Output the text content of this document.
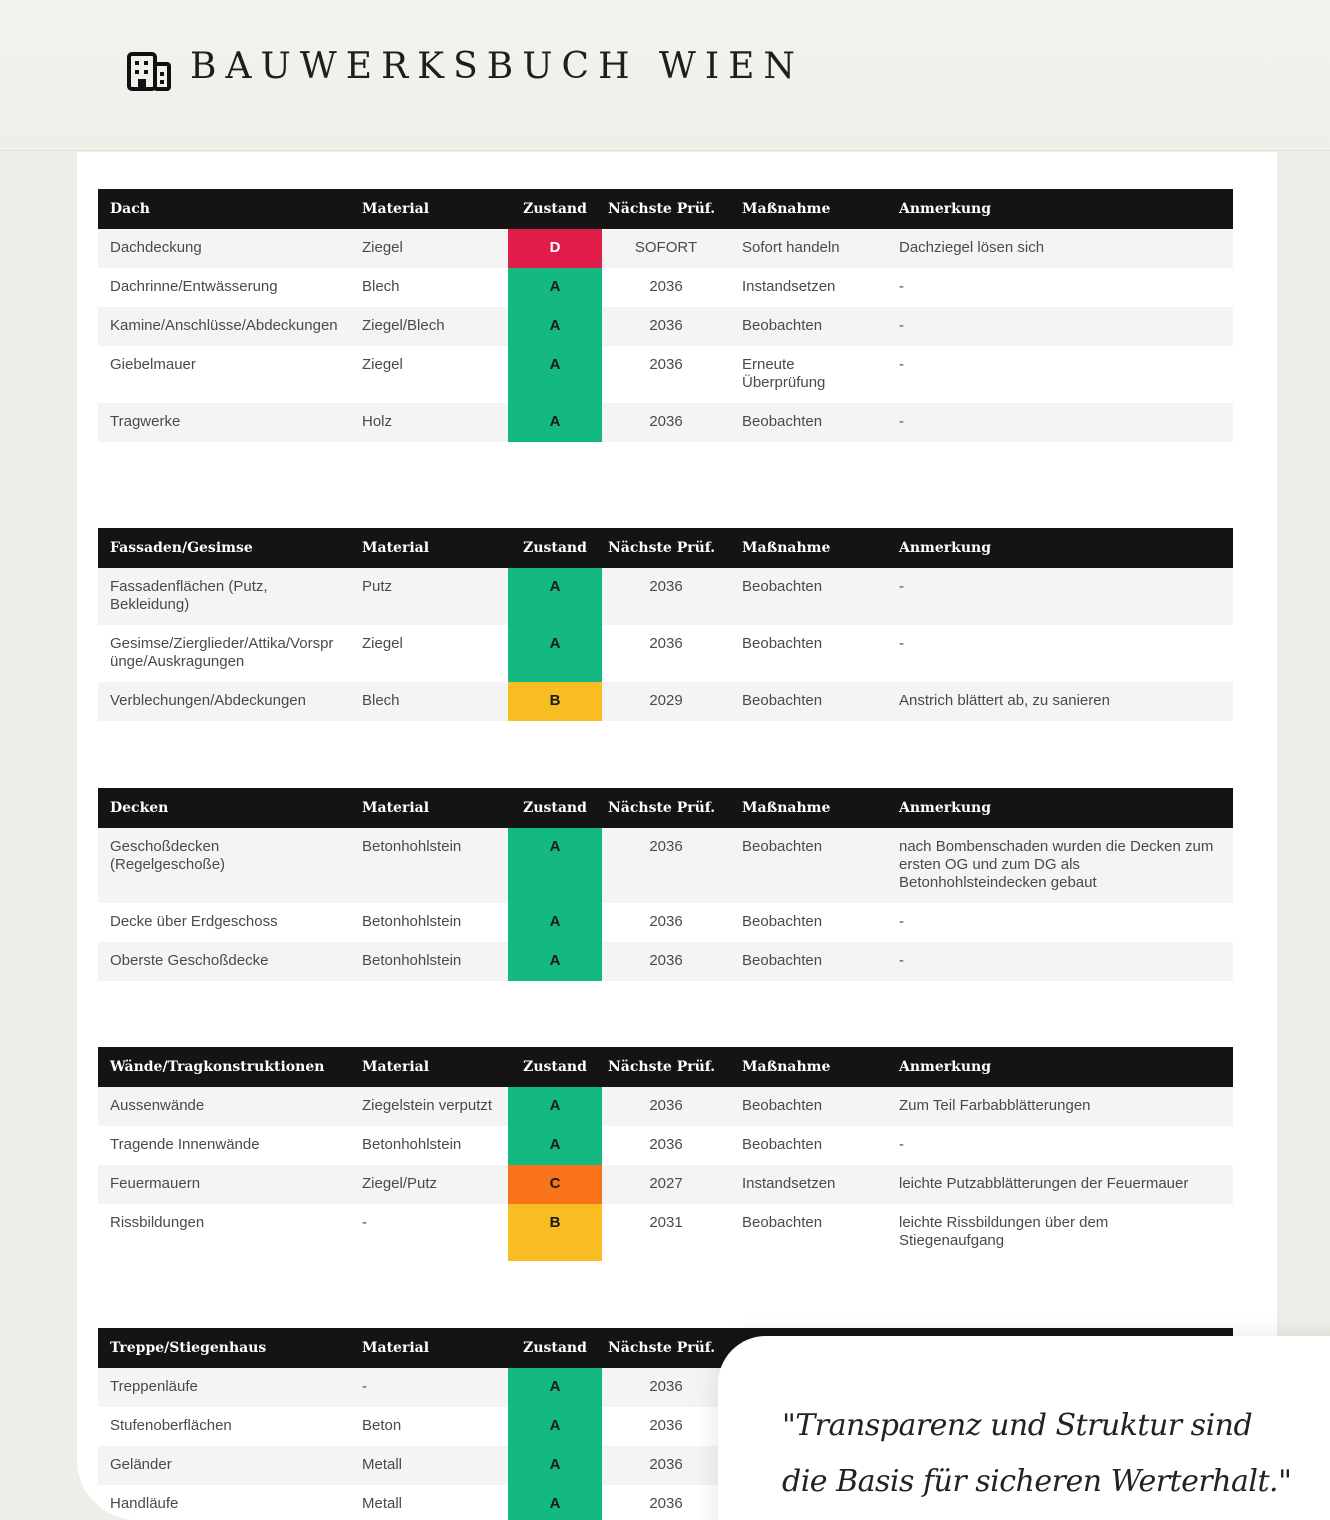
BAUWERKSBUCH WIEN
Dach	Material	Zustand	Nächste Prüf.	Maßnahme	Anmerkung
Dachdeckung	Ziegel	D	SOFORT	Sofort handeln	Dachziegel lösen sich
Dachrinne/Entwässerung	Blech	A	2036	Instandsetzen	-
Kamine/Anschlüsse/Abdeckungen	Ziegel/Blech	A	2036	Beobachten	-
Giebelmauer	Ziegel	A	2036	Erneute Überprüfung	-
Tragwerke	Holz	A	2036	Beobachten	-
Fassaden/Gesimse	Material	Zustand	Nächste Prüf.	Maßnahme	Anmerkung
Fassadenflächen (Putz, Bekleidung)	Putz	A	2036	Beobachten	-
Gesimse/Zierglieder/Attika/Vorsprünge/Auskragungen	Ziegel	A	2036	Beobachten	-
Verblechungen/Abdeckungen	Blech	B	2029	Beobachten	Anstrich blättert ab, zu sanieren
Decken	Material	Zustand	Nächste Prüf.	Maßnahme	Anmerkung
Geschoßdecken (Regelgeschoße)	Betonhohlstein	A	2036	Beobachten	nach Bombenschaden wurden die Decken zum ersten OG und zum DG als Betonhohlsteindecken gebaut
Decke über Erdgeschoss	Betonhohlstein	A	2036	Beobachten	-
Oberste Geschoßdecke	Betonhohlstein	A	2036	Beobachten	-
Wände/Tragkonstruktionen	Material	Zustand	Nächste Prüf.	Maßnahme	Anmerkung
Aussenwände	Ziegelstein verputzt	A	2036	Beobachten	Zum Teil Farbabblätterungen
Tragende Innenwände	Betonhohlstein	A	2036	Beobachten	-
Feuermauern	Ziegel/Putz	C	2027	Instandsetzen	leichte Putzabblätterungen der Feuermauer
Rissbildungen	-	B	2031	Beobachten	leichte Rissbildungen über dem Stiegenaufgang
Treppe/Stiegenhaus	Material	Zustand	Nächste Prüf.		
Treppenläufe	-	A	2036		
Stufenoberflächen	Beton	A	2036		
Geländer	Metall	A	2036		
Handläufe	Metall	A	2036		
"Transparenz und Struktur sind die Basis für sicheren Werterhalt."
